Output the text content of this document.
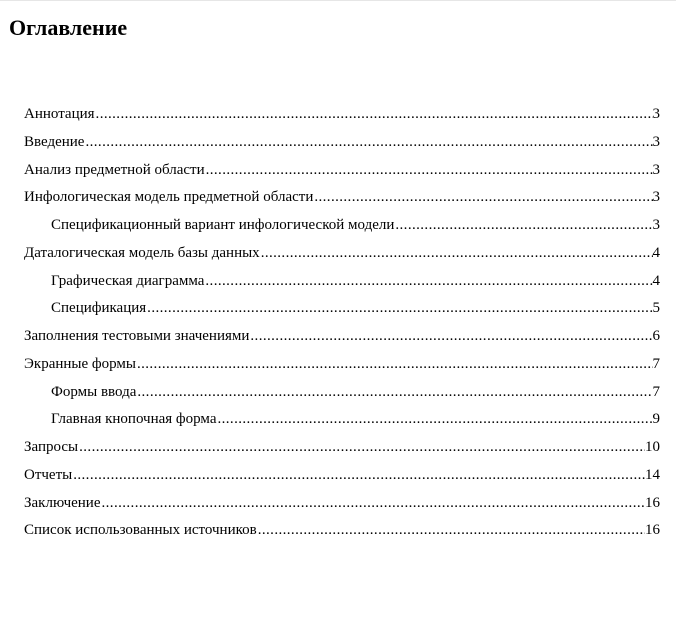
Оглавление
Аннотация .....	3
Введение .....	3
Анализ предметной области .....	3
Инфологическая модель предметной области .....	3
Спецификационный вариант инфологической модели .....	3
Даталогическая модель базы данных .....	4
Графическая диаграмма .....	4
Спецификация .....	5
Заполнения тестовыми значениями .....	6
Экранные формы .....	7
Формы ввода .....	7
Главная кнопочная форма .....	9
Запросы .....	10
Отчеты .....	14
Заключение .....	16
Список использованных источников .....	16
